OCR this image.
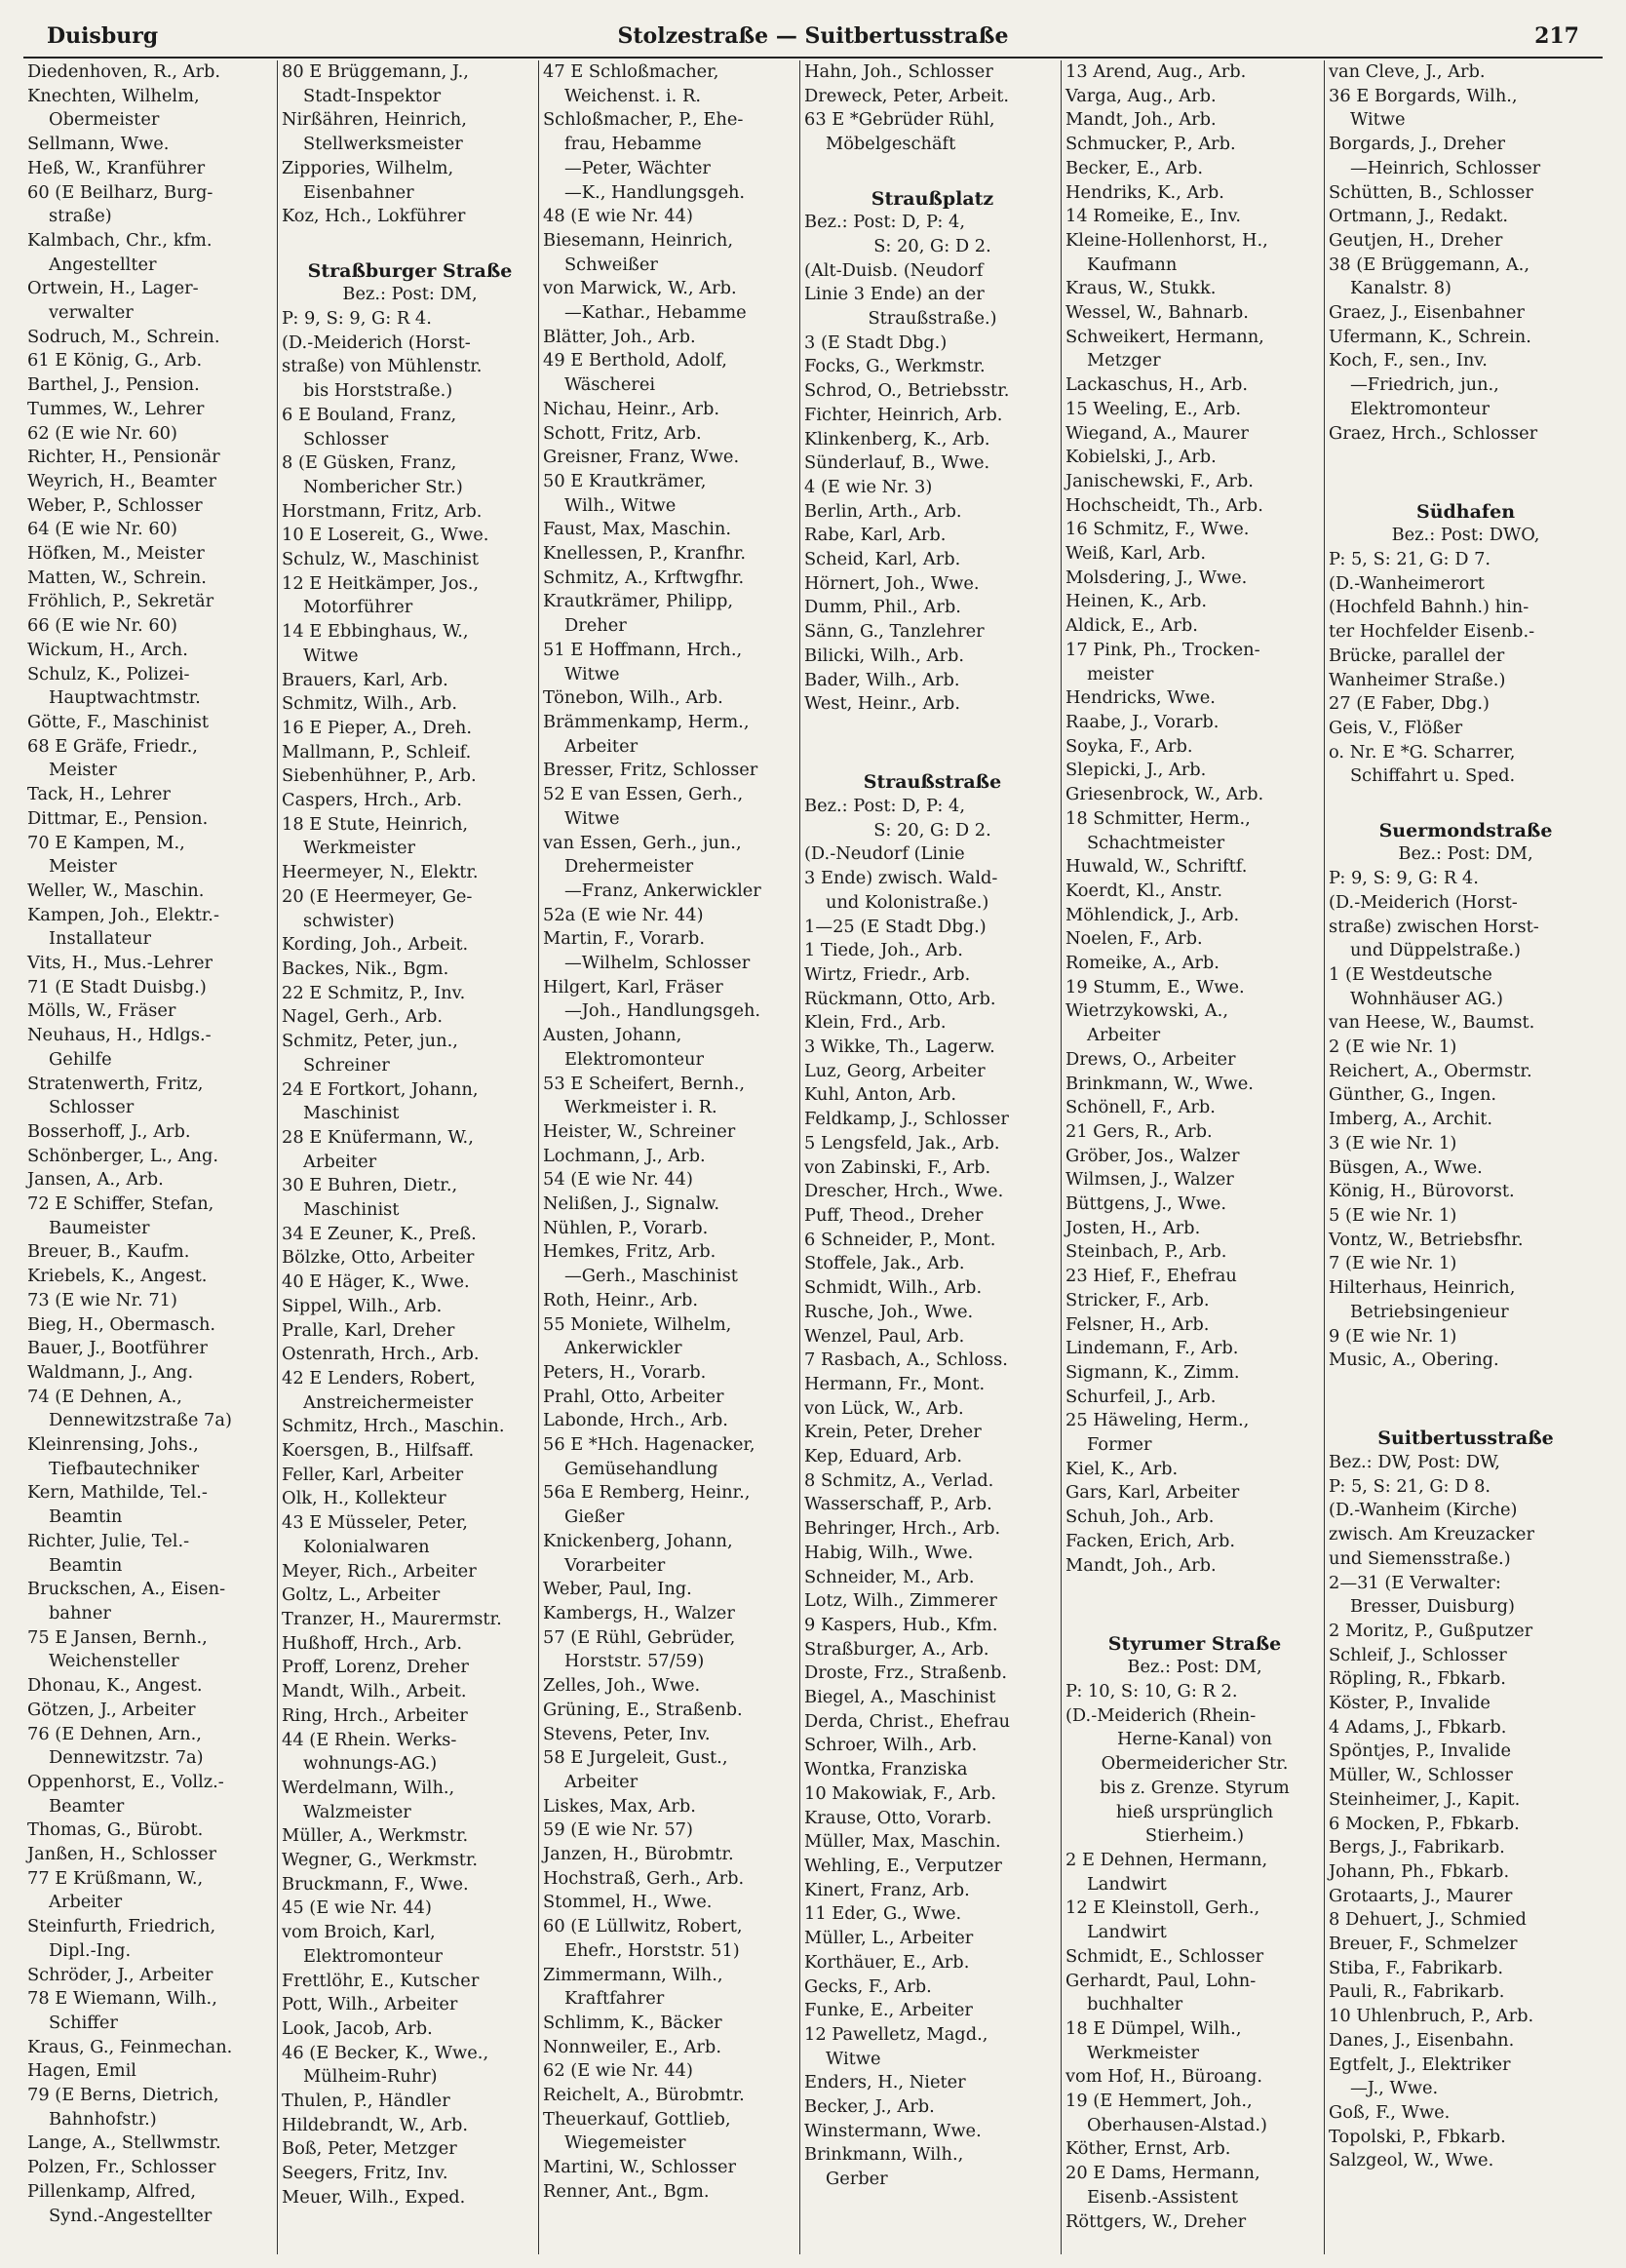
Duisburg	Stolzestraße — Suitbertusstraße	217
Diedenhoven, R., Arb.
Knechten, Wilhelm,
Obermeister
Sellmann, Wwe.
Heß, W., Kranführer
60 (E Beilharz, Burg-
straße)
Kalmbach, Chr., kfm.
Angestellter
Ortwein, H., Lager-
verwalter
Sodruch, M., Schrein.
61 E König, G., Arb.
Barthel, J., Pension.
Tummes, W., Lehrer
62 (E wie Nr. 60)
Richter, H., Pensionär
Weyrich, H., Beamter
Weber, P., Schlosser
64 (E wie Nr. 60)
Höfken, M., Meister
Matten, W., Schrein.
Fröhlich, P., Sekretär
66 (E wie Nr. 60)
Wickum, H., Arch.
Schulz, K., Polizei-
Hauptwachtmstr.
Götte, F., Maschinist
68 E Gräfe, Friedr.,
Meister
Tack, H., Lehrer
Dittmar, E., Pension.
70 E Kampen, M.,
Meister
Weller, W., Maschin.
Kampen, Joh., Elektr.-
Installateur
Vits, H., Mus.-Lehrer
71 (E Stadt Duisbg.)
Mölls, W., Fräser
Neuhaus, H., Hdlgs.-
Gehilfe
Stratenwerth, Fritz,
Schlosser
Bosserhoff, J., Arb.
Schönberger, L., Ang.
Jansen, A., Arb.
72 E Schiffer, Stefan,
Baumeister
Breuer, B., Kaufm.
Kriebels, K., Angest.
73 (E wie Nr. 71)
Bieg, H., Obermasch.
Bauer, J., Bootführer
Waldmann, J., Ang.
74 (E Dehnen, A.,
Dennewitzstraße 7a)
Kleinrensing, Johs.,
Tiefbautechniker
Kern, Mathilde, Tel.-
Beamtin
Richter, Julie, Tel.-
Beamtin
Bruckschen, A., Eisen-
bahner
75 E Jansen, Bernh.,
Weichensteller
Dhonau, K., Angest.
Götzen, J., Arbeiter
76 (E Dehnen, Arn.,
Dennewitzstr. 7a)
Oppenhorst, E., Vollz.-
Beamter
Thomas, G., Bürobt.
Janßen, H., Schlosser
77 E Krüßmann, W.,
Arbeiter
Steinfurth, Friedrich,
Dipl.-Ing.
Schröder, J., Arbeiter
78 E Wiemann, Wilh.,
Schiffer
Kraus, G., Feinmechan.
Hagen, Emil
79 (E Berns, Dietrich,
Bahnhofstr.)
Lange, A., Stellwmstr.
Polzen, Fr., Schlosser
Pillenkamp, Alfred,
Synd.-Angestellter
80 E Brüggemann, J.,
Stadt-Inspektor
Nirßähren, Heinrich,
Stellwerksmeister
Zippories, Wilhelm,
Eisenbahner
Koz, Hch., Lokführer
Straßburger Straße
Bez.: Post: DM,
P: 9, S: 9, G: R 4.
(D.-Meiderich (Horst-
straße) von Mühlenstr.
bis Horststraße.)
6 E Bouland, Franz,
Schlosser
8 (E Güsken, Franz,
Nombericher Str.)
Horstmann, Fritz, Arb.
10 E Losereit, G., Wwe.
Schulz, W., Maschinist
12 E Heitkämper, Jos.,
Motorführer
14 E Ebbinghaus, W.,
Witwe
Brauers, Karl, Arb.
Schmitz, Wilh., Arb.
16 E Pieper, A., Dreh.
Mallmann, P., Schleif.
Siebenhühner, P., Arb.
Caspers, Hrch., Arb.
18 E Stute, Heinrich,
Werkmeister
Heermeyer, N., Elektr.
20 (E Heermeyer, Ge-
schwister)
Kording, Joh., Arbeit.
Backes, Nik., Bgm.
22 E Schmitz, P., Inv.
Nagel, Gerh., Arb.
Schmitz, Peter, jun.,
Schreiner
24 E Fortkort, Johann,
Maschinist
28 E Knüfermann, W.,
Arbeiter
30 E Buhren, Dietr.,
Maschinist
34 E Zeuner, K., Preß.
Bölzke, Otto, Arbeiter
40 E Häger, K., Wwe.
Sippel, Wilh., Arb.
Pralle, Karl, Dreher
Ostenrath, Hrch., Arb.
42 E Lenders, Robert,
Anstreichermeister
Schmitz, Hrch., Maschin.
Koersgen, B., Hilfsaff.
Feller, Karl, Arbeiter
Olk, H., Kollekteur
43 E Müsseler, Peter,
Kolonialwaren
Meyer, Rich., Arbeiter
Goltz, L., Arbeiter
Tranzer, H., Maurermstr.
Hußhoff, Hrch., Arb.
Proff, Lorenz, Dreher
Mandt, Wilh., Arbeit.
Ring, Hrch., Arbeiter
44 (E Rhein. Werks-
wohnungs-AG.)
Werdelmann, Wilh.,
Walzmeister
Müller, A., Werkmstr.
Wegner, G., Werkmstr.
Bruckmann, F., Wwe.
45 (E wie Nr. 44)
vom Broich, Karl,
Elektromonteur
Frettlöhr, E., Kutscher
Pott, Wilh., Arbeiter
Look, Jacob, Arb.
46 (E Becker, K., Wwe.,
Mülheim-Ruhr)
Thulen, P., Händler
Hildebrandt, W., Arb.
Boß, Peter, Metzger
Seegers, Fritz, Inv.
Meuer, Wilh., Exped.
47 E Schloßmacher,
Weichenst. i. R.
Schloßmacher, P., Ehe-
frau, Hebamme
—Peter, Wächter
—K., Handlungsgeh.
48 (E wie Nr. 44)
Biesemann, Heinrich,
Schweißer
von Marwick, W., Arb.
—Kathar., Hebamme
Blätter, Joh., Arb.
49 E Berthold, Adolf,
Wäscherei
Nichau, Heinr., Arb.
Schott, Fritz, Arb.
Greisner, Franz, Wwe.
50 E Krautkrämer,
Wilh., Witwe
Faust, Max, Maschin.
Knellessen, P., Kranfhr.
Schmitz, A., Krftwgfhr.
Krautkrämer, Philipp,
Dreher
51 E Hoffmann, Hrch.,
Witwe
Tönebon, Wilh., Arb.
Brämmenkamp, Herm.,
Arbeiter
Bresser, Fritz, Schlosser
52 E van Essen, Gerh.,
Witwe
van Essen, Gerh., jun.,
Drehermeister
—Franz, Ankerwickler
52a (E wie Nr. 44)
Martin, F., Vorarb.
—Wilhelm, Schlosser
Hilgert, Karl, Fräser
—Joh., Handlungsgeh.
Austen, Johann,
Elektromonteur
53 E Scheifert, Bernh.,
Werkmeister i. R.
Heister, W., Schreiner
Lochmann, J., Arb.
54 (E wie Nr. 44)
Nelißen, J., Signalw.
Nühlen, P., Vorarb.
Hemkes, Fritz, Arb.
—Gerh., Maschinist
Roth, Heinr., Arb.
55 Moniete, Wilhelm,
Ankerwickler
Peters, H., Vorarb.
Prahl, Otto, Arbeiter
Labonde, Hrch., Arb.
56 E *Hch. Hagenacker,
Gemüsehandlung
56a E Remberg, Heinr.,
Gießer
Knickenberg, Johann,
Vorarbeiter
Weber, Paul, Ing.
Kambergs, H., Walzer
57 (E Rühl, Gebrüder,
Horststr. 57/59)
Zelles, Joh., Wwe.
Grüning, E., Straßenb.
Stevens, Peter, Inv.
58 E Jurgeleit, Gust.,
Arbeiter
Liskes, Max, Arb.
59 (E wie Nr. 57)
Janzen, H., Bürobmtr.
Hochstraß, Gerh., Arb.
Stommel, H., Wwe.
60 (E Lüllwitz, Robert,
Ehefr., Horststr. 51)
Zimmermann, Wilh.,
Kraftfahrer
Schlimm, K., Bäcker
Nonnweiler, E., Arb.
62 (E wie Nr. 44)
Reichelt, A., Bürobmtr.
Theuerkauf, Gottlieb,
Wiegemeister
Martini, W., Schlosser
Renner, Ant., Bgm.
Hahn, Joh., Schlosser
Dreweck, Peter, Arbeit.
63 E *Gebrüder Rühl,
Möbelgeschäft
Straußplatz
Bez.: Post: D, P: 4,
S: 20, G: D 2.
(Alt-Duisb. (Neudorf
Linie 3 Ende) an der
Straußstraße.)
3 (E Stadt Dbg.)
Focks, G., Werkmstr.
Schrod, O., Betriebsstr.
Fichter, Heinrich, Arb.
Klinkenberg, K., Arb.
Sünderlauf, B., Wwe.
4 (E wie Nr. 3)
Berlin, Arth., Arb.
Rabe, Karl, Arb.
Scheid, Karl, Arb.
Hörnert, Joh., Wwe.
Dumm, Phil., Arb.
Sänn, G., Tanzlehrer
Bilicki, Wilh., Arb.
Bader, Wilh., Arb.
West, Heinr., Arb.
Straußstraße
Bez.: Post: D, P: 4,
S: 20, G: D 2.
(D.-Neudorf (Linie
3 Ende) zwisch. Wald-
und Kolonistraße.)
1—25 (E Stadt Dbg.)
1 Tiede, Joh., Arb.
Wirtz, Friedr., Arb.
Rückmann, Otto, Arb.
Klein, Frd., Arb.
3 Wikke, Th., Lagerw.
Luz, Georg, Arbeiter
Kuhl, Anton, Arb.
Feldkamp, J., Schlosser
5 Lengsfeld, Jak., Arb.
von Zabinski, F., Arb.
Drescher, Hrch., Wwe.
Puff, Theod., Dreher
6 Schneider, P., Mont.
Stoffele, Jak., Arb.
Schmidt, Wilh., Arb.
Rusche, Joh., Wwe.
Wenzel, Paul, Arb.
7 Rasbach, A., Schloss.
Hermann, Fr., Mont.
von Lück, W., Arb.
Krein, Peter, Dreher
Kep, Eduard, Arb.
8 Schmitz, A., Verlad.
Wasserschaff, P., Arb.
Behringer, Hrch., Arb.
Habig, Wilh., Wwe.
Schneider, M., Arb.
Lotz, Wilh., Zimmerer
9 Kaspers, Hub., Kfm.
Straßburger, A., Arb.
Droste, Frz., Straßenb.
Biegel, A., Maschinist
Derda, Christ., Ehefrau
Schroer, Wilh., Arb.
Wontka, Franziska
10 Makowiak, F., Arb.
Krause, Otto, Vorarb.
Müller, Max, Maschin.
Wehling, E., Verputzer
Kinert, Franz, Arb.
11 Eder, G., Wwe.
Müller, L., Arbeiter
Korthäuer, E., Arb.
Gecks, F., Arb.
Funke, E., Arbeiter
12 Pawelletz, Magd.,
Witwe
Enders, H., Nieter
Becker, J., Arb.
Winstermann, Wwe.
Brinkmann, Wilh.,
Gerber
13 Arend, Aug., Arb.
Varga, Aug., Arb.
Mandt, Joh., Arb.
Schmucker, P., Arb.
Becker, E., Arb.
Hendriks, K., Arb.
14 Romeike, E., Inv.
Kleine-Hollenhorst, H.,
Kaufmann
Kraus, W., Stukk.
Wessel, W., Bahnarb.
Schweikert, Hermann,
Metzger
Lackaschus, H., Arb.
15 Weeling, E., Arb.
Wiegand, A., Maurer
Kobielski, J., Arb.
Janischewski, F., Arb.
Hochscheidt, Th., Arb.
16 Schmitz, F., Wwe.
Weiß, Karl, Arb.
Molsdering, J., Wwe.
Heinen, K., Arb.
Aldick, E., Arb.
17 Pink, Ph., Trocken-
meister
Hendricks, Wwe.
Raabe, J., Vorarb.
Soyka, F., Arb.
Slepicki, J., Arb.
Griesenbrock, W., Arb.
18 Schmitter, Herm.,
Schachtmeister
Huwald, W., Schriftf.
Koerdt, Kl., Anstr.
Möhlendick, J., Arb.
Noelen, F., Arb.
Romeike, A., Arb.
19 Stumm, E., Wwe.
Wietrzykowski, A.,
Arbeiter
Drews, O., Arbeiter
Brinkmann, W., Wwe.
Schönell, F., Arb.
21 Gers, R., Arb.
Gröber, Jos., Walzer
Wilmsen, J., Walzer
Büttgens, J., Wwe.
Josten, H., Arb.
Steinbach, P., Arb.
23 Hief, F., Ehefrau
Stricker, F., Arb.
Felsner, H., Arb.
Lindemann, F., Arb.
Sigmann, K., Zimm.
Schurfeil, J., Arb.
25 Häweling, Herm.,
Former
Kiel, K., Arb.
Gars, Karl, Arbeiter
Schuh, Joh., Arb.
Facken, Erich, Arb.
Mandt, Joh., Arb.
Styrumer Straße
Bez.: Post: DM,
P: 10, S: 10, G: R 2.
(D.-Meiderich (Rhein-
Herne-Kanal) von
Obermeidericher Str.
bis z. Grenze. Styrum
hieß ursprünglich
Stierheim.)
2 E Dehnen, Hermann,
Landwirt
12 E Kleinstoll, Gerh.,
Landwirt
Schmidt, E., Schlosser
Gerhardt, Paul, Lohn-
buchhalter
18 E Dümpel, Wilh.,
Werkmeister
vom Hof, H., Büroang.
19 (E Hemmert, Joh.,
Oberhausen-Alstad.)
Köther, Ernst, Arb.
20 E Dams, Hermann,
Eisenb.-Assistent
Röttgers, W., Dreher
van Cleve, J., Arb.
36 E Borgards, Wilh.,
Witwe
Borgards, J., Dreher
—Heinrich, Schlosser
Schütten, B., Schlosser
Ortmann, J., Redakt.
Geutjen, H., Dreher
38 (E Brüggemann, A.,
Kanalstr. 8)
Graez, J., Eisenbahner
Ufermann, K., Schrein.
Koch, F., sen., Inv.
—Friedrich, jun.,
Elektromonteur
Graez, Hrch., Schlosser
Südhafen
Bez.: Post: DWO,
P: 5, S: 21, G: D 7.
(D.-Wanheimerort
(Hochfeld Bahnh.) hin-
ter Hochfelder Eisenb.-
Brücke, parallel der
Wanheimer Straße.)
27 (E Faber, Dbg.)
Geis, V., Flößer
o. Nr. E *G. Scharrer,
Schiffahrt u. Sped.
Suermondstraße
Bez.: Post: DM,
P: 9, S: 9, G: R 4.
(D.-Meiderich (Horst-
straße) zwischen Horst-
und Düppelstraße.)
1 (E Westdeutsche
Wohnhäuser AG.)
van Heese, W., Baumst.
2 (E wie Nr. 1)
Reichert, A., Obermstr.
Günther, G., Ingen.
Imberg, A., Archit.
3 (E wie Nr. 1)
Büsgen, A., Wwe.
König, H., Bürovorst.
5 (E wie Nr. 1)
Vontz, W., Betriebsfhr.
7 (E wie Nr. 1)
Hilterhaus, Heinrich,
Betriebsingenieur
9 (E wie Nr. 1)
Music, A., Obering.
Suitbertusstraße
Bez.: DW, Post: DW,
P: 5, S: 21, G: D 8.
(D.-Wanheim (Kirche)
zwisch. Am Kreuzacker
und Siemensstraße.)
2—31 (E Verwalter:
Bresser, Duisburg)
2 Moritz, P., Gußputzer
Schleif, J., Schlosser
Röpling, R., Fbkarb.
Köster, P., Invalide
4 Adams, J., Fbkarb.
Spöntjes, P., Invalide
Müller, W., Schlosser
Steinheimer, J., Kapit.
6 Mocken, P., Fbkarb.
Bergs, J., Fabrikarb.
Johann, Ph., Fbkarb.
Grotaarts, J., Maurer
8 Dehuert, J., Schmied
Breuer, F., Schmelzer
Stiba, F., Fabrikarb.
Pauli, R., Fabrikarb.
10 Uhlenbruch, P., Arb.
Danes, J., Eisenbahn.
Egtfelt, J., Elektriker
—J., Wwe.
Goß, F., Wwe.
Topolski, P., Fbkarb.
Salzgeol, W., Wwe.
